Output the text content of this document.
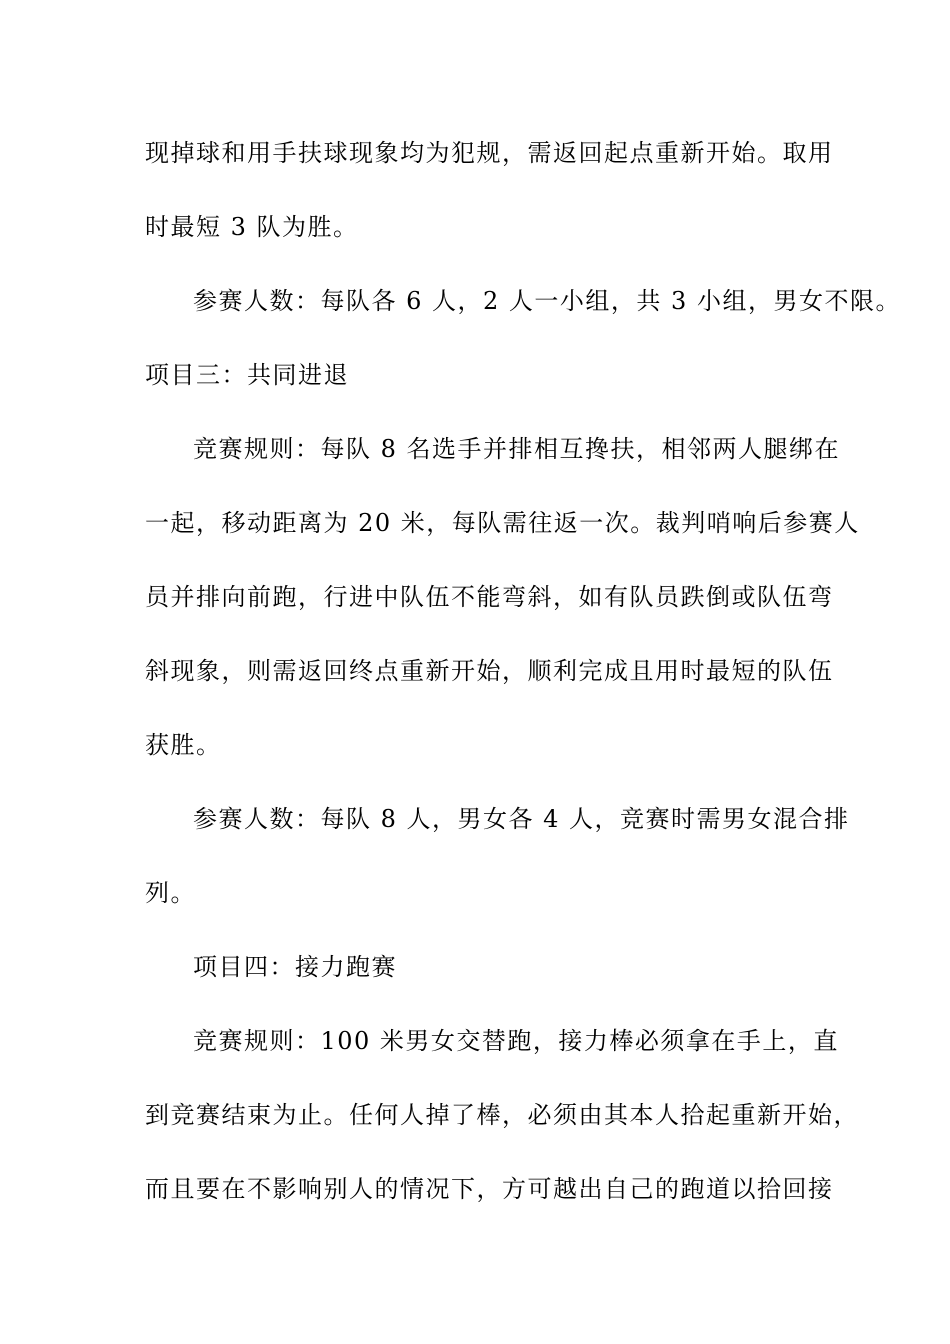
现掉球和用手扶球现象均为犯规，需返回起点重新开始。取用
时最短 3 队为胜。
参赛人数：每队各 6 人，2 人一小组，共 3 小组，男女不限。
项目三：共同进退
竞赛规则：每队 8 名选手并排相互搀扶，相邻两人腿绑在
一起，移动距离为 20 米，每队需往返一次。裁判哨响后参赛人
员并排向前跑，行进中队伍不能弯斜，如有队员跌倒或队伍弯
斜现象，则需返回终点重新开始，顺利完成且用时最短的队伍
获胜。
参赛人数：每队 8 人，男女各 4 人，竞赛时需男女混合排
列。
项目四：接力跑赛
竞赛规则：100 米男女交替跑，接力棒必须拿在手上，直
到竞赛结束为止。任何人掉了棒，必须由其本人拾起重新开始，
而且要在不影响别人的情况下，方可越出自己的跑道以拾回接
